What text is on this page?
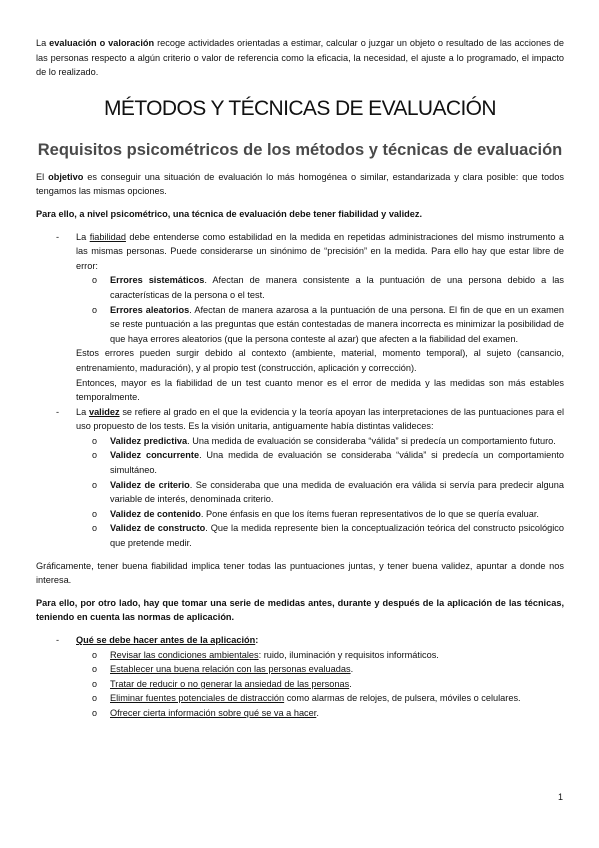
La evaluación o valoración recoge actividades orientadas a estimar, calcular o juzgar un objeto o resultado de las acciones de las personas respecto a algún criterio o valor de referencia como la eficacia, la necesidad, el ajuste a lo programado, el impacto de lo realizado.

MÉTODOS Y TÉCNICAS DE EVALUACIÓN
Requisitos psicométricos de los métodos y técnicas de evaluación

El objetivo es conseguir una situación de evaluación lo más homogénea o similar, estandarizada y clara posible: que todos tengamos las mismas opciones.

Para ello, a nivel psicométrico, una técnica de evaluación debe tener fiabilidad y validez.

-	La fiabilidad debe entenderse como estabilidad en la medida en repetidas administraciones del mismo instrumento a las mismas personas. Puede considerarse un sinónimo de “precisión” en la medida. Para ello hay que estar libre de error:

o	Errores sistemáticos. Afectan de manera consistente a la puntuación de una persona debido a las características de la persona o el test.

o	Errores aleatorios. Afectan de manera azarosa a la puntuación de una persona. El fin de que en un examen se reste puntuación a las preguntas que están contestadas de manera incorrecta es minimizar la posibilidad de que haya errores aleatorios (que la persona conteste al azar) que afecten a la fiabilidad del examen.

Estos errores pueden surgir debido al contexto (ambiente, material, momento temporal), al sujeto (cansancio, entrenamiento, maduración), y al propio test (construcción, aplicación y corrección).

Entonces, mayor es la fiabilidad de un test cuanto menor es el error de medida y las medidas son más estables temporalmente.

-	La validez se refiere al grado en el que la evidencia y la teoría apoyan las interpretaciones de las puntuaciones para el uso propuesto de los tests. Es la visión unitaria, antiguamente había distintas valideces:

o	Validez predictiva. Una medida de evaluación se consideraba “válida” si predecía un comportamiento futuro.

o	Validez concurrente. Una medida de evaluación se consideraba “válida” si predecía un comportamiento simultáneo.

o	Validez de criterio. Se consideraba que una medida de evaluación era válida si servía para predecir alguna variable de interés, denominada criterio.

o	Validez de contenido. Pone énfasis en que los ítems fueran representativos de lo que se quería evaluar.

o	Validez de constructo. Que la medida represente bien la conceptualización teórica del constructo psicológico que pretende medir.

Gráficamente, tener buena fiabilidad implica tener todas las puntuaciones juntas, y tener buena validez, apuntar a donde nos interesa.

Para ello, por otro lado, hay que tomar una serie de medidas antes, durante y después de la aplicación de las técnicas, teniendo en cuenta las normas de aplicación.

-	Qué se debe hacer antes de la aplicación:

o	Revisar las condiciones ambientales: ruido, iluminación y requisitos informáticos.

o	Establecer una buena relación con las personas evaluadas.

o	Tratar de reducir o no generar la ansiedad de las personas.

o	Eliminar fuentes potenciales de distracción como alarmas de relojes, de pulsera, móviles o celulares.

o	Ofrecer cierta información sobre qué se va a hacer.

1
